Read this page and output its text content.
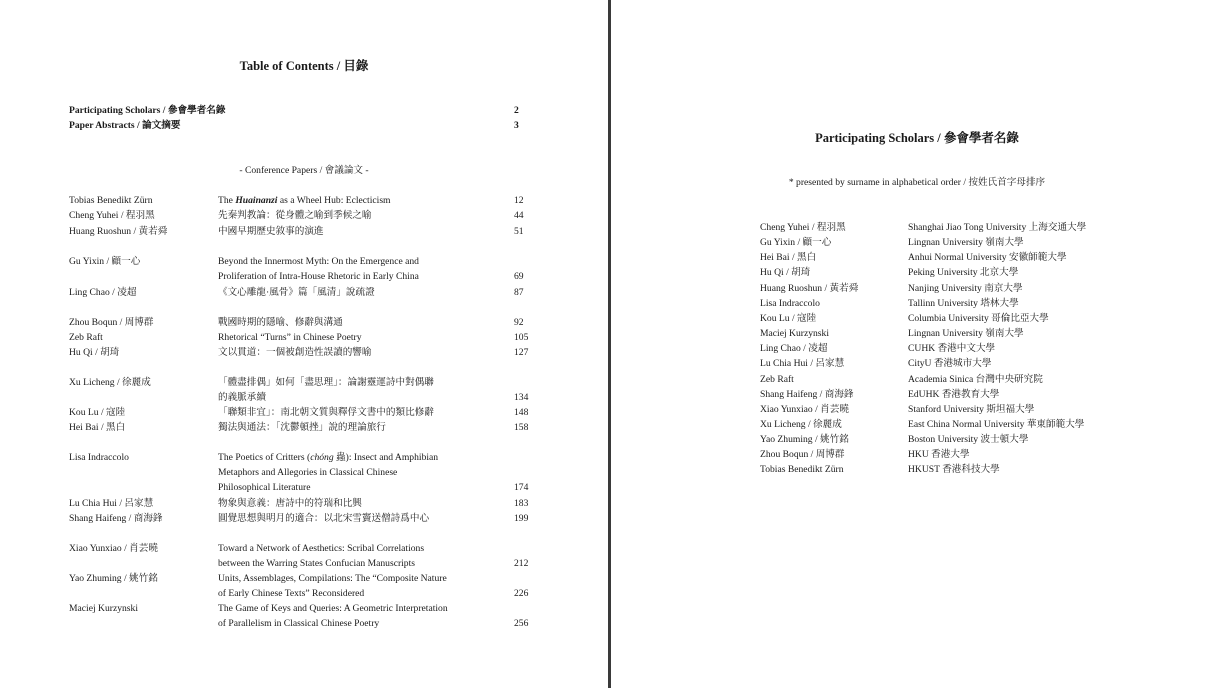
Table of Contents / 目錄
Participating Scholars / 參會學者名錄	2
Paper Abstracts / 論文摘要	3
- Conference Papers / 會議論文 -
Tobias Benedikt Zürn	The Huainanzi as a Wheel Hub: Eclecticism	12
Cheng Yuhei / 程羽黑	先秦判教論：從身體之喻到季候之喻	44
Huang Ruoshun / 黄若舜	中國早期歷史敘事的演進	51
Gu Yixin / 顧一心	Beyond the Innermost Myth: On the Emergence and
Proliferation of Intra-House Rhetoric in Early China	69
Ling Chao / 凌超	《文心雕龍·風骨》篇「風清」說疏證	87
Zhou Boqun / 周博群	戰國時期的隱喻、修辭與溝通	92
Zeb Raft	Rhetorical “Turns” in Chinese Poetry	105
Hu Qi / 胡琦	文以貫道：一個被創造性誤讀的響喻	127
Xu Licheng / 徐麗成	「體盡排偶」如何「盡思理」：論謝靈運詩中對偶聯
的義脈承續	134
Kou Lu / 寇陸	「聯類非宜」：南北朝文質與釋俘文書中的類比修辭	148
Hei Bai / 黑白	獨法與通法：「沈鬱頓挫」說的理論旅行	158
Lisa Indraccolo	The Poetics of Critters (chóng 蟲): Insect and Amphibian
Metaphors and Allegories in Classical Chinese
Philosophical Literature	174
Lu Chia Hui / 呂家慧	物象與意義：唐詩中的符瑞和比興	183
Shang Haifeng / 商海鋒	圓覺思想與明月的適合：以北宋雪竇送僧詩爲中心	199
Xiao Yunxiao / 肖芸曉	Toward a Network of Aesthetics: Scribal Correlations
between the Warring States Confucian Manuscripts	212
Yao Zhuming / 姚竹銘	Units, Assemblages, Compilations: The “Composite Nature
of Early Chinese Texts” Reconsidered	226
Maciej Kurzynski	The Game of Keys and Queries: A Geometric Interpretation
of Parallelism in Classical Chinese Poetry	256
Participating Scholars / 參會學者名錄
* presented by surname in alphabetical order / 按姓氏首字母排序
Cheng Yuhei / 程羽黑	Shanghai Jiao Tong University 上海交通大學
Gu Yixin / 顧一心	Lingnan University 嶺南大學
Hei Bai / 黑白	Anhui Normal University 安徽師範大學
Hu Qi / 胡琦	Peking University 北京大學
Huang Ruoshun / 黃若舜	Nanjing University 南京大學
Lisa Indraccolo	Tallinn University 塔林大學
Kou Lu / 寇陸	Columbia University 哥倫比亞大學
Maciej Kurzynski	Lingnan University 嶺南大學
Ling Chao / 凌超	CUHK 香港中文大學
Lu Chia Hui / 呂家慧	CityU 香港城市大學
Zeb Raft	Academia Sinica 台灣中央研究院
Shang Haifeng / 商海鋒	EdUHK 香港教育大學
Xiao Yunxiao / 肖芸曉	Stanford University 斯坦福大學
Xu Licheng / 徐麗成	East China Normal University 華東師範大學
Yao Zhuming / 姚竹銘	Boston University 波士頓大學
Zhou Boqun / 周博群	HKU 香港大學
Tobias Benedikt Zürn	HKUST 香港科技大學
